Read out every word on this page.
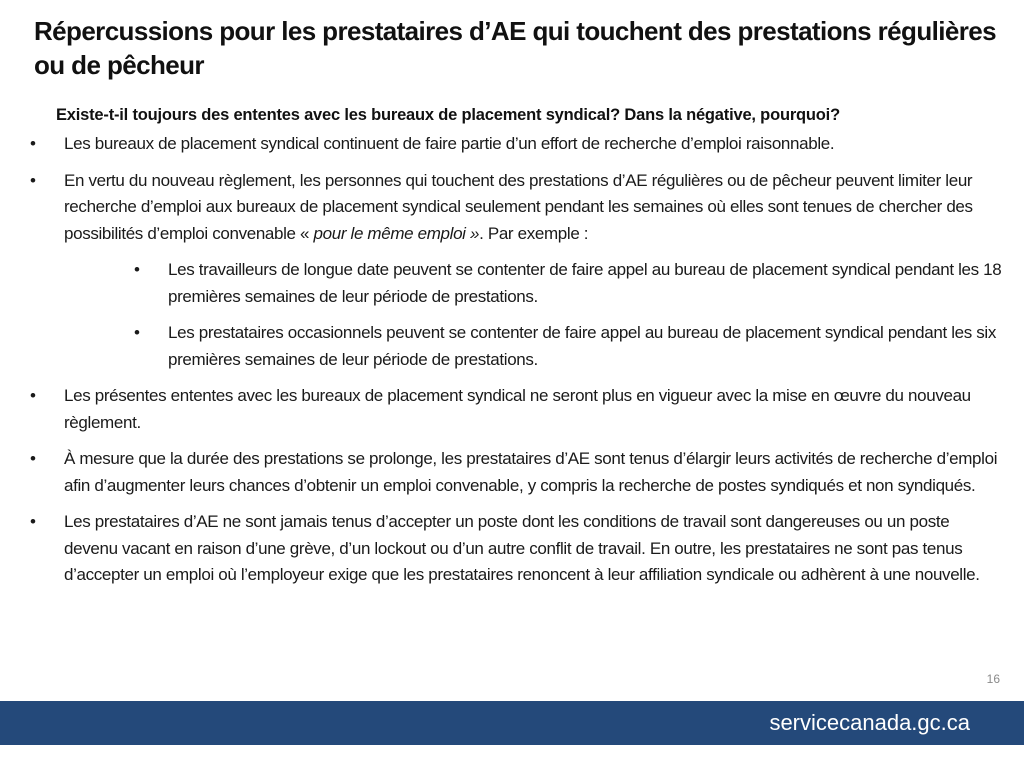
Répercussions pour les prestataires d’AE qui touchent des prestations régulières ou de pêcheur
Existe-t-il toujours des ententes avec les bureaux de placement syndical? Dans la négative, pourquoi?
•	Les bureaux de placement syndical continuent de faire partie d’un effort de recherche d’emploi raisonnable.
•	En vertu du nouveau règlement, les personnes qui touchent des prestations d’AE régulières ou de pêcheur peuvent limiter leur recherche d’emploi aux bureaux de placement syndical seulement pendant les semaines où elles sont tenues de chercher des possibilités d’emploi convenable « pour le même emploi ». Par exemple :
• Les travailleurs de longue date peuvent se contenter de faire appel au bureau de placement syndical pendant les 18 premières semaines de leur période de prestations.
• Les prestataires occasionnels peuvent se contenter de faire appel au bureau de placement syndical pendant les six premières semaines de leur période de prestations.
•	Les présentes ententes avec les bureaux de placement syndical ne seront plus en vigueur avec la mise en œuvre du nouveau règlement.
•	À mesure que la durée des prestations se prolonge, les prestataires d’AE sont tenus d’élargir leurs activités de recherche d’emploi afin d’augmenter leurs chances d’obtenir un emploi convenable, y compris la recherche de postes syndiqués et non syndiqués.
•	Les prestataires d’AE ne sont jamais tenus d’accepter un poste dont les conditions de travail sont dangereuses ou un poste devenu vacant en raison d’une grève, d’un lockout ou d’un autre conflit de travail. En outre, les prestataires ne sont pas tenus d’accepter un emploi où l’employeur exige que les prestataires renoncent à leur affiliation syndicale ou adhèrent à une nouvelle.
16
servicecanada.gc.ca
